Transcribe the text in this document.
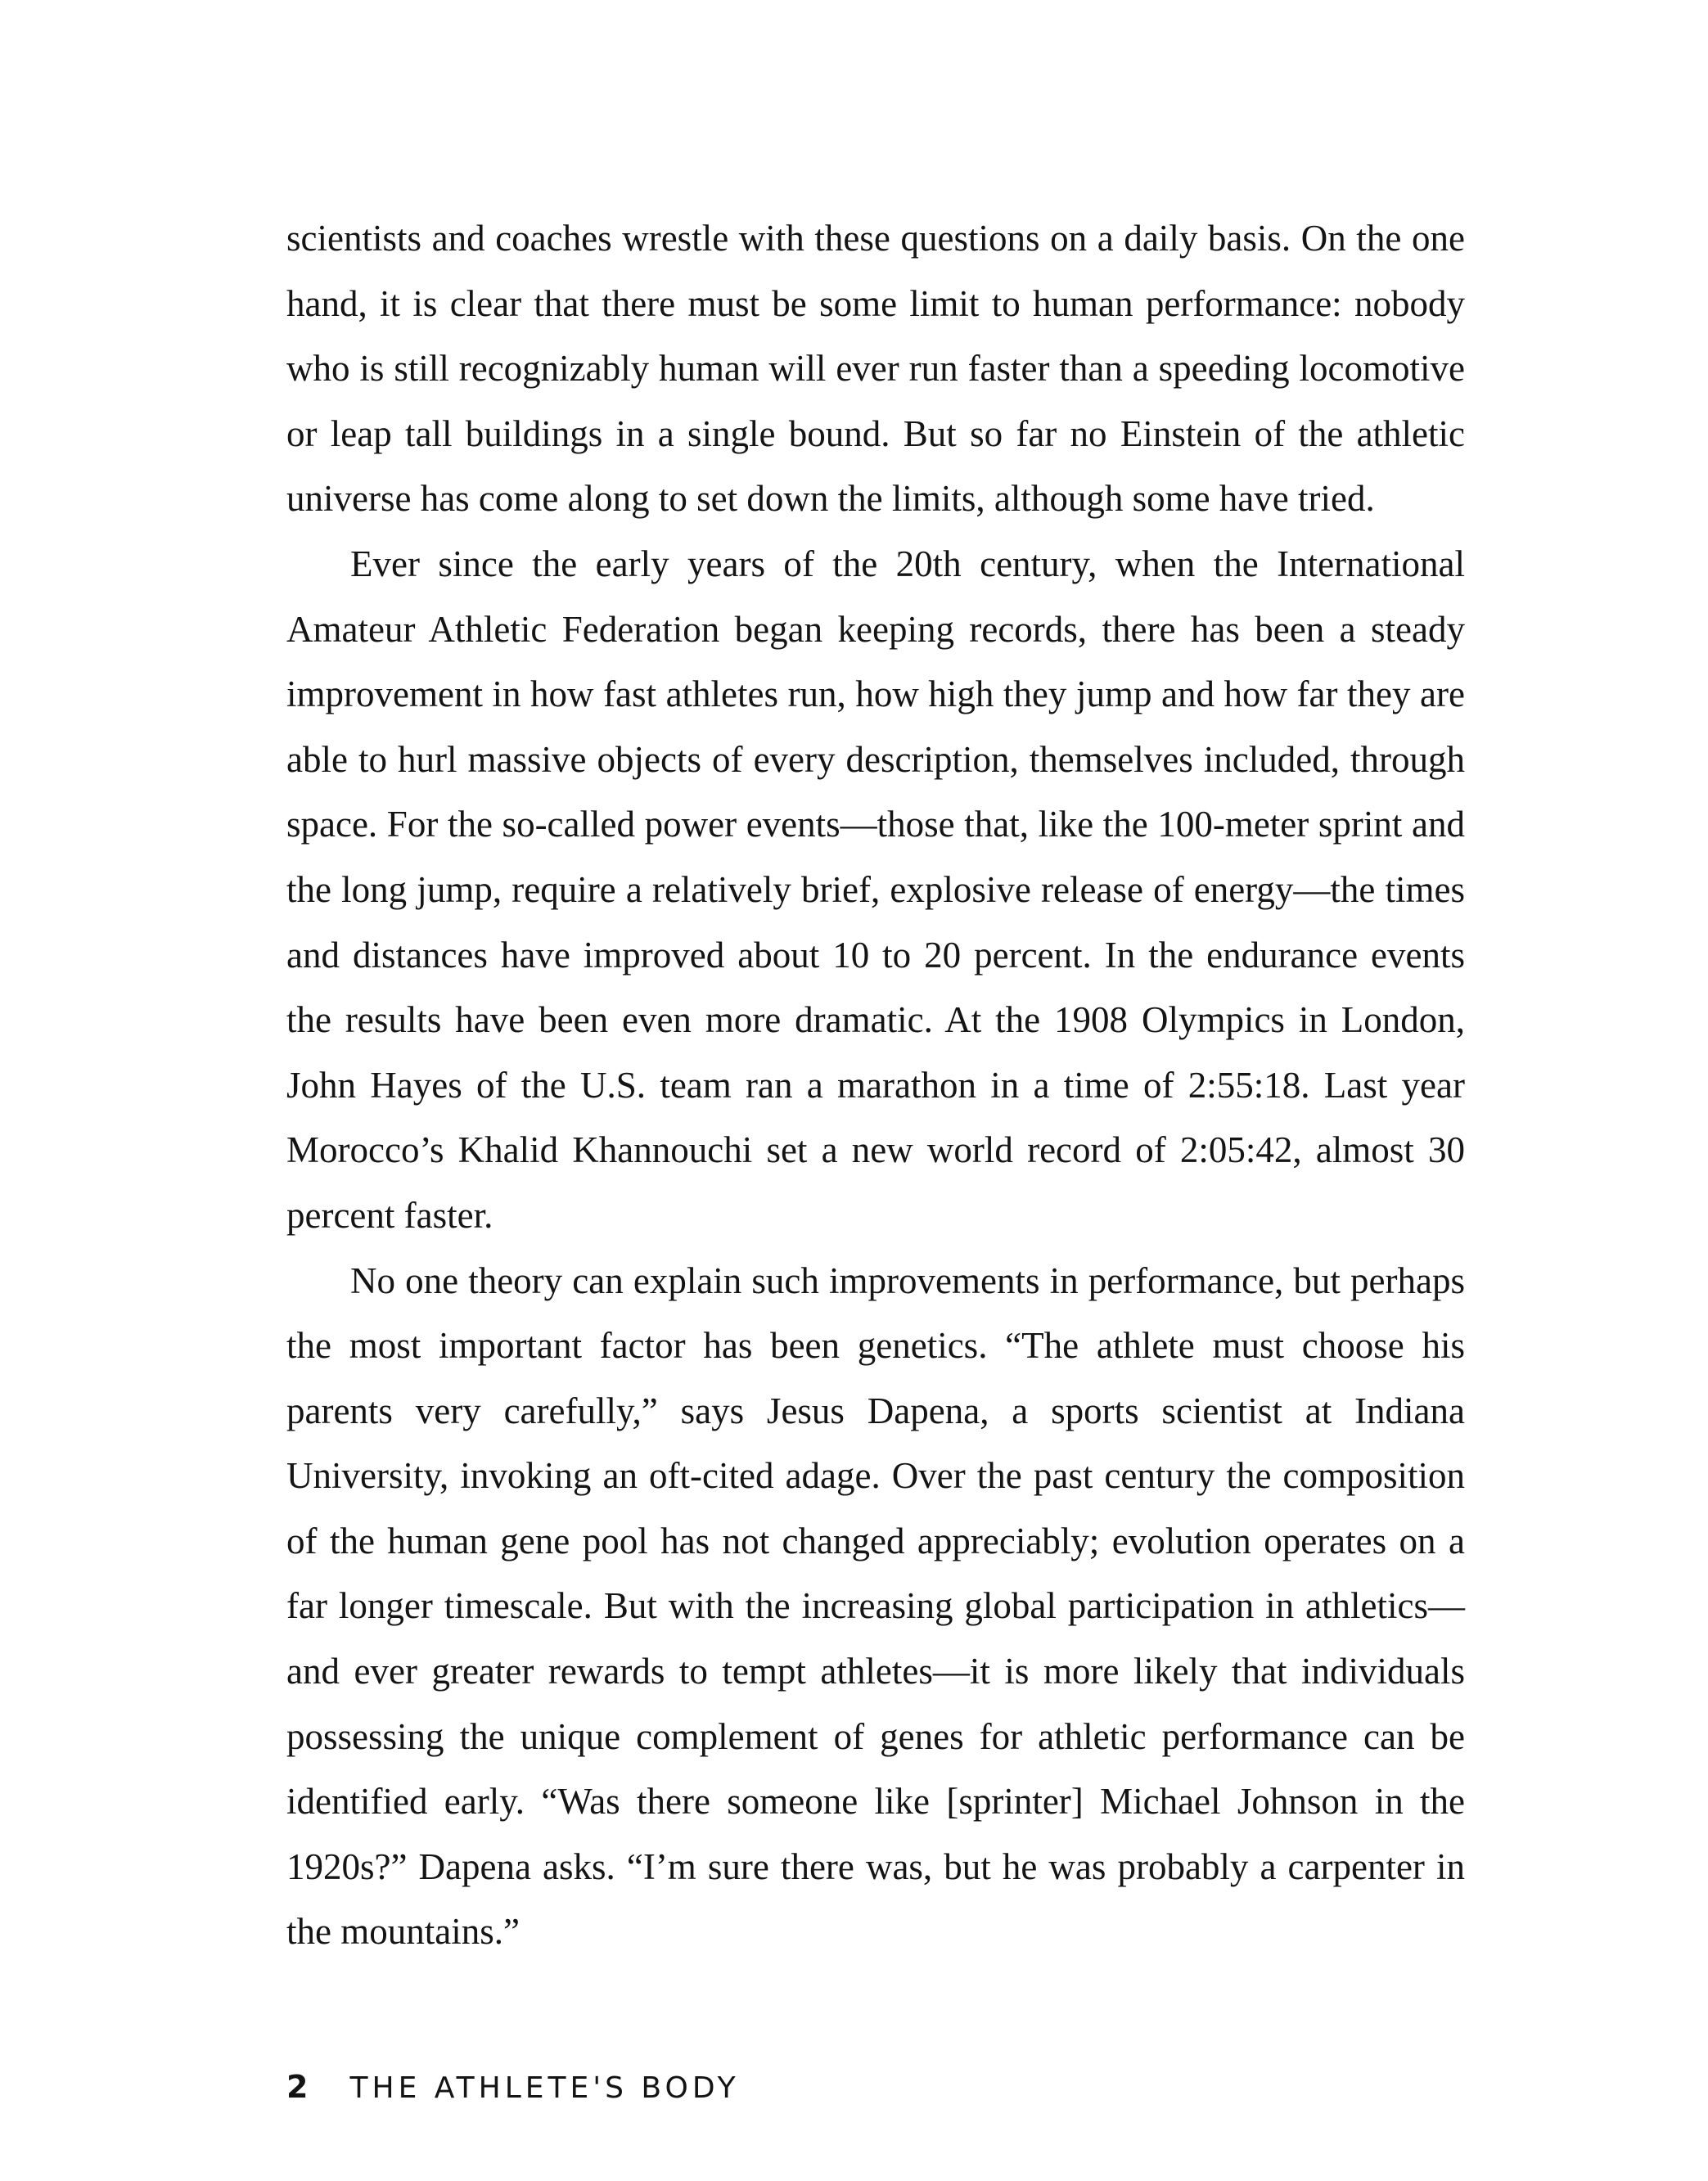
scientists and coaches wrestle with these questions on a daily basis. On the one hand, it is clear that there must be some limit to human performance: nobody who is still recognizably human will ever run faster than a speeding locomotive or leap tall buildings in a single bound. But so far no Einstein of the athletic universe has come along to set down the limits, although some have tried.

Ever since the early years of the 20th century, when the International Amateur Athletic Federation began keeping records, there has been a steady improvement in how fast athletes run, how high they jump and how far they are able to hurl massive objects of every description, themselves included, through space. For the so-called power events—those that, like the 100-meter sprint and the long jump, require a relatively brief, explosive release of energy—the times and distances have improved about 10 to 20 percent. In the endurance events the results have been even more dramatic. At the 1908 Olympics in London, John Hayes of the U.S. team ran a marathon in a time of 2:55:18. Last year Morocco’s Khalid Khannouchi set a new world record of 2:05:42, almost 30 percent faster.

No one theory can explain such improvements in performance, but perhaps the most important factor has been genetics. “The athlete must choose his parents very carefully,” says Jesus Dapena, a sports scientist at Indiana University, invoking an oft-cited adage. Over the past century the composition of the human gene pool has not changed appreciably; evolution operates on a far longer timescale. But with the increasing global participation in athletics—and ever greater rewards to tempt athletes—it is more likely that individuals possessing the unique complement of genes for athletic performance can be identified early. “Was there someone like [sprinter] Michael Johnson in the 1920s?” Dapena asks. “I’m sure there was, but he was probably a carpenter in the mountains.”

2 THE ATHLETE'S BODY
